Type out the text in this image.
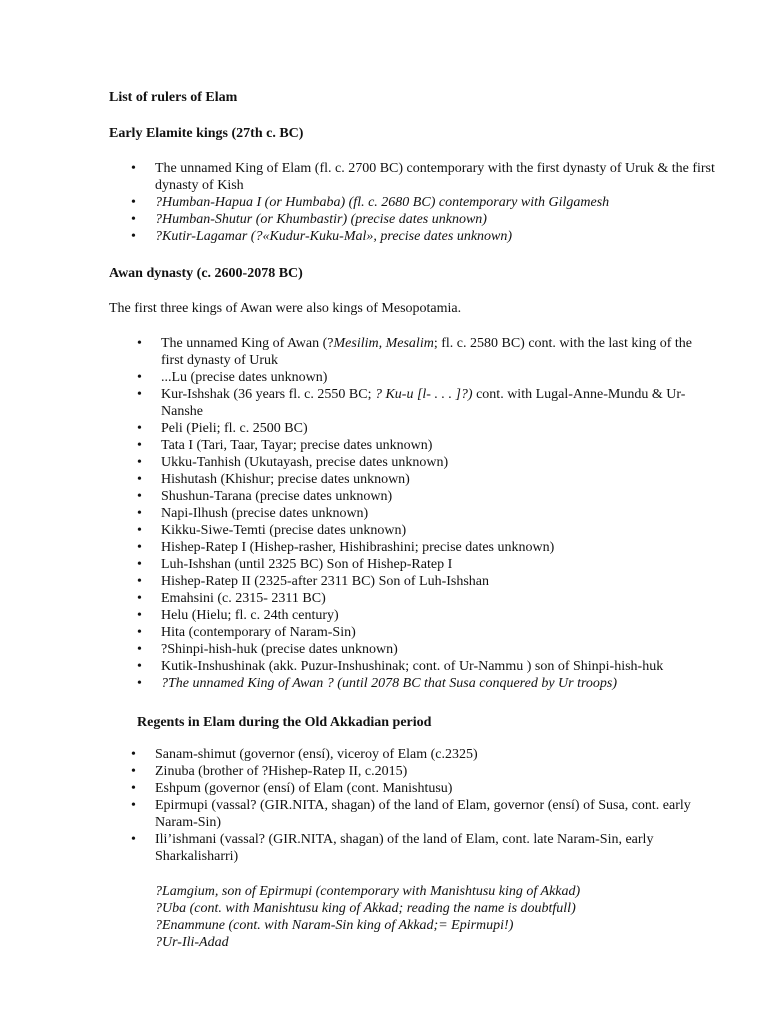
List of rulers of Elam
Early Elamite kings (27th c. BC)
• The unnamed King of Elam (fl. c. 2700 BC) contemporary with the first dynasty of Uruk & the first dynasty of Kish
• ?Humban-Hapua I (or Humbaba) (fl. c. 2680 BC) contemporary with Gilgamesh
• ?Humban-Shutur (or Khumbastir) (precise dates unknown)
• ?Kutir-Lagamar (?«Kudur-Kuku-Mal», precise dates unknown)
Awan dynasty (c. 2600-2078 BC)
The first three kings of Awan were also kings of Mesopotamia.
• The unnamed King of Awan (?Mesilim, Mesalim; fl. c. 2580 BC) cont. with the last king of the first dynasty of Uruk
• ...Lu (precise dates unknown)
• Kur-Ishshak (36 years fl. c. 2550 BC; ? Ku-u [l- . . . ]?) cont. with Lugal-Anne-Mundu & Ur-Nanshe
• Peli (Pieli; fl. c. 2500 BC)
• Tata I (Tari, Taar, Tayar; precise dates unknown)
• Ukku-Tanhish (Ukutayash, precise dates unknown)
• Hishutash (Khishur; precise dates unknown)
• Shushun-Tarana (precise dates unknown)
• Napi-Ilhush (precise dates unknown)
• Kikku-Siwe-Temti (precise dates unknown)
• Hishep-Ratep I (Hishep-rasher, Hishibrashini; precise dates unknown)
• Luh-Ishshan (until 2325 BC) Son of Hishep-Ratep I
• Hishep-Ratep II (2325-after 2311 BC) Son of Luh-Ishshan
• Emahsini (c. 2315- 2311 BC)
• Helu (Hielu; fl. c. 24th century)
• Hita (contemporary of Naram-Sin)
• ?Shinpi-hish-huk (precise dates unknown)
• Kutik-Inshushinak (akk. Puzur-Inshushinak; cont. of Ur-Nammu ) son of Shinpi-hish-huk
• ?The unnamed King of Awan ? (until 2078 BC that Susa conquered by Ur troops)
Regents in Elam during the Old Akkadian period
• Sanam-shimut (governor (ensí), viceroy of Elam (c.2325)
• Zinuba (brother of ?Hishep-Ratep II, c.2015)
• Eshpum (governor (ensí) of Elam (cont. Manishtusu)
• Epirmupi (vassal? (GIR.NITA, shagan) of the land of Elam, governor (ensí) of Susa, cont. early Naram-Sin)
• Ili’ishmani (vassal? (GIR.NITA, shagan) of the land of Elam, cont. late Naram-Sin, early Sharkalisharri)
?Lamgium, son of Epirmupi (contemporary with Manishtusu king of Akkad)
?Uba (cont. with Manishtusu king of Akkad; reading the name is doubtfull)
?Enammune (cont. with Naram-Sin king of Akkad;= Epirmupi!)
?Ur-Ili-Adad
